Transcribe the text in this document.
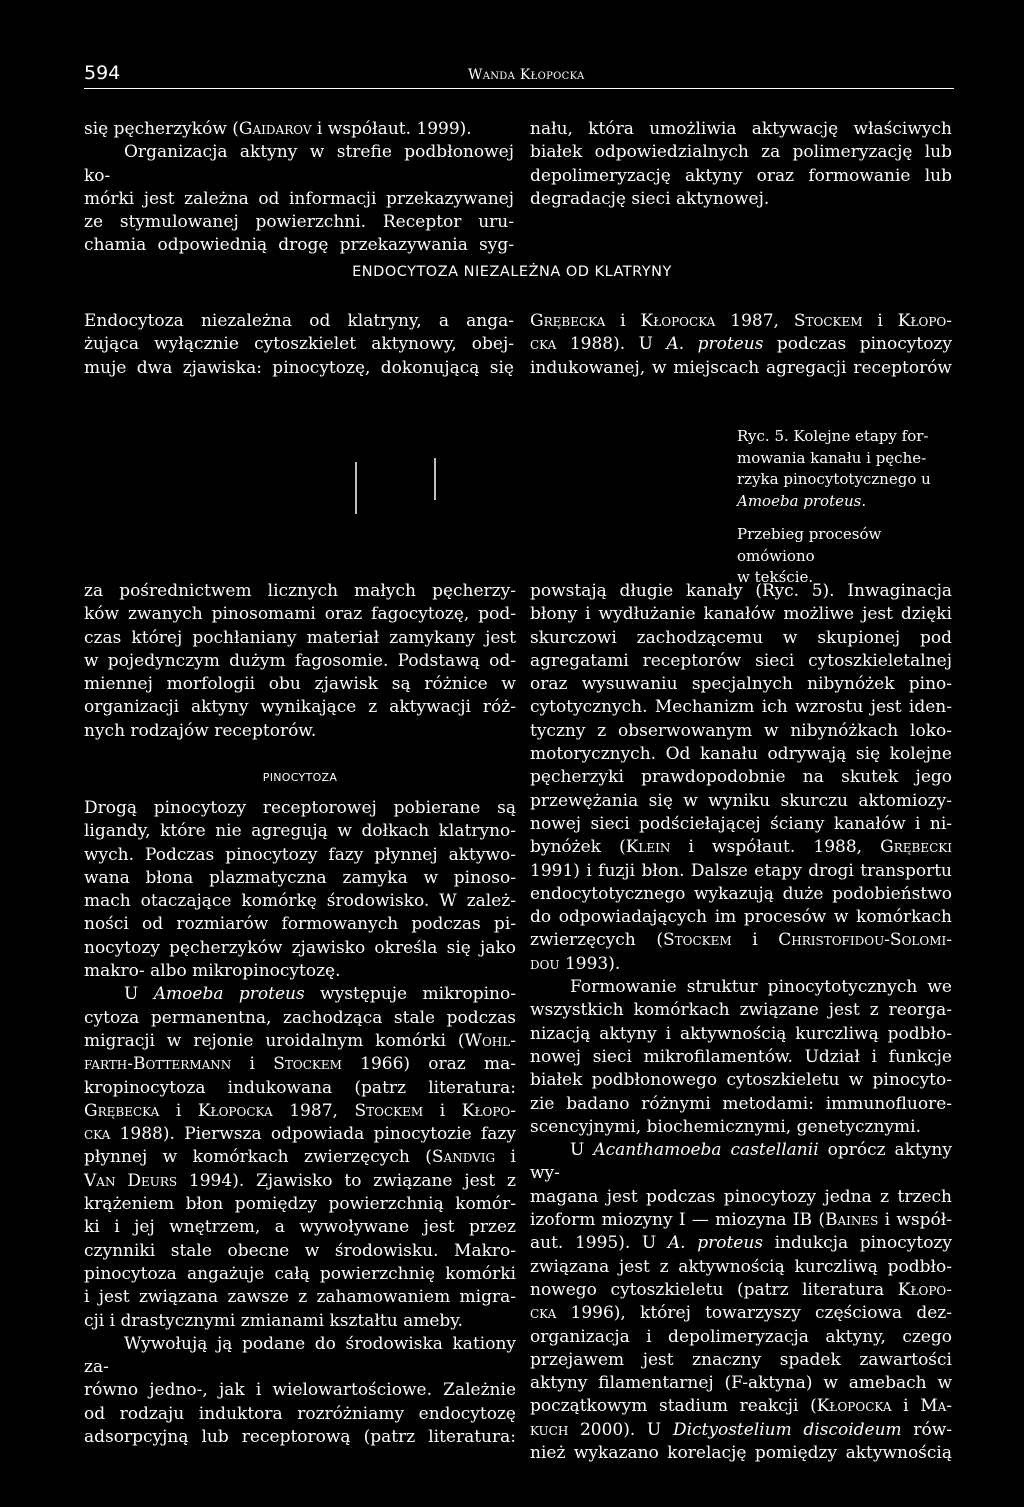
594	Wanda Kłopocka
się pęcherzyków (Gaidarov i współaut. 1999).
Organizacja aktyny w strefie podbłonowej ko-
mórki jest zależna od informacji przekazywanej
ze stymulowanej powierzchni. Receptor uru-
chamia odpowiednią drogę przekazywania syg-
nału, która umożliwia aktywację właściwych
białek odpowiedzialnych za polimeryzację lub
depolimeryzację aktyny oraz formowanie lub
degradację sieci aktynowej.
ENDOCYTOZA NIEZALEŻNA OD KLATRYNY
Endocytoza niezależna od klatryny, a anga-
żująca wyłącznie cytoszkielet aktynowy, obej-
muje dwa zjawiska: pinocytozę, dokonującą się
Grębecka i Kłopocka 1987, Stockem i Kłopo-
cka 1988). U A. proteus podczas pinocytozy
indukowanej, w miejscach agregacji receptorów

Ryc. 5. Kolejne etapy for-
mowania kanału i pęche-
rzyka pinocytotycznego u
Amoeba proteus.

Przebieg procesów omówiono
w tekście.

za pośrednictwem licznych małych pęcherzy-
ków zwanych pinosomami oraz fagocytozę, pod-
czas której pochłaniany materiał zamykany jest
w pojedynczym dużym fagosomie. Podstawą od-
miennej morfologii obu zjawisk są różnice w
organizacji aktyny wynikające z aktywacji róż-
nych rodzajów receptorów.
PINOCYTOZA
Drogą pinocytozy receptorowej pobierane są
ligandy, które nie agregują w dołkach klatryno-
wych. Podczas pinocytozy fazy płynnej aktywo-
wana błona plazmatyczna zamyka w pinoso-
mach otaczające komórkę środowisko. W zależ-
ności od rozmiarów formowanych podczas pi-
nocytozy pęcherzyków zjawisko określa się jako
makro- albo mikropinocytozę.
U Amoeba proteus występuje mikropino-
cytoza permanentna, zachodząca stale podczas
migracji w rejonie uroidalnym komórki (Wohl-
farth-Bottermann i Stockem 1966) oraz ma-
kropinocytoza indukowana (patrz literatura:
Grębecka i Kłopocka 1987, Stockem i Kłopo-
cka 1988). Pierwsza odpowiada pinocytozie fazy
płynnej w komórkach zwierzęcych (Sandvig i
Van Deurs 1994). Zjawisko to związane jest z
krążeniem błon pomiędzy powierzchnią komór-
ki i jej wnętrzem, a wywoływane jest przez
czynniki stale obecne w środowisku. Makro-
pinocytoza angażuje całą powierzchnię komórki
i jest związana zawsze z zahamowaniem migra-
cji i drastycznymi zmianami kształtu ameby.
Wywołują ją podane do środowiska kationy za-
równo jedno-, jak i wielowartościowe. Zależnie
od rodzaju induktora rozróżniamy endocytozę
adsorpcyjną lub receptorową (patrz literatura:
powstają długie kanały (Ryc. 5). Inwaginacja
błony i wydłużanie kanałów możliwe jest dzięki
skurczowi zachodzącemu w skupionej pod
agregatami receptorów sieci cytoszkieletalnej
oraz wysuwaniu specjalnych nibynóżek pino-
cytotycznych. Mechanizm ich wzrostu jest iden-
tyczny z obserwowanym w nibynóżkach loko-
motorycznych. Od kanału odrywają się kolejne
pęcherzyki prawdopodobnie na skutek jego
przewężania się w wyniku skurczu aktomiozy-
nowej sieci podściełającej ściany kanałów i ni-
bynóżek (Klein i współaut. 1988, Grębecki
1991) i fuzji błon. Dalsze etapy drogi transportu
endocytotycznego wykazują duże podobieństwo
do odpowiadających im procesów w komórkach
zwierzęcych (Stockem i Christofidou-Solomi-
dou 1993).
Formowanie struktur pinocytotycznych we
wszystkich komórkach związane jest z reorga-
nizacją aktyny i aktywnością kurczliwą podbło-
nowej sieci mikrofilamentów. Udział i funkcje
białek podbłonowego cytoszkieletu w pinocyto-
zie badano różnymi metodami: immunofluore-
scencyjnymi, biochemicznymi, genetycznymi.
U Acanthamoeba castellanii oprócz aktyny wy-
magana jest podczas pinocytozy jedna z trzech
izoform miozyny I — miozyna IB (Baines i współ-
aut. 1995). U A. proteus indukcja pinocytozy
związana jest z aktywnością kurczliwą podbło-
nowego cytoszkieletu (patrz literatura Kłopo-
cka 1996), której towarzyszy częściowa dez-
organizacja i depolimeryzacja aktyny, czego
przejawem jest znaczny spadek zawartości
aktyny filamentarnej (F-aktyna) w amebach w
początkowym stadium reakcji (Kłopocka i Ma-
kuch 2000). U Dictyostelium discoideum rów-
nież wykazano korelację pomiędzy aktywnością
